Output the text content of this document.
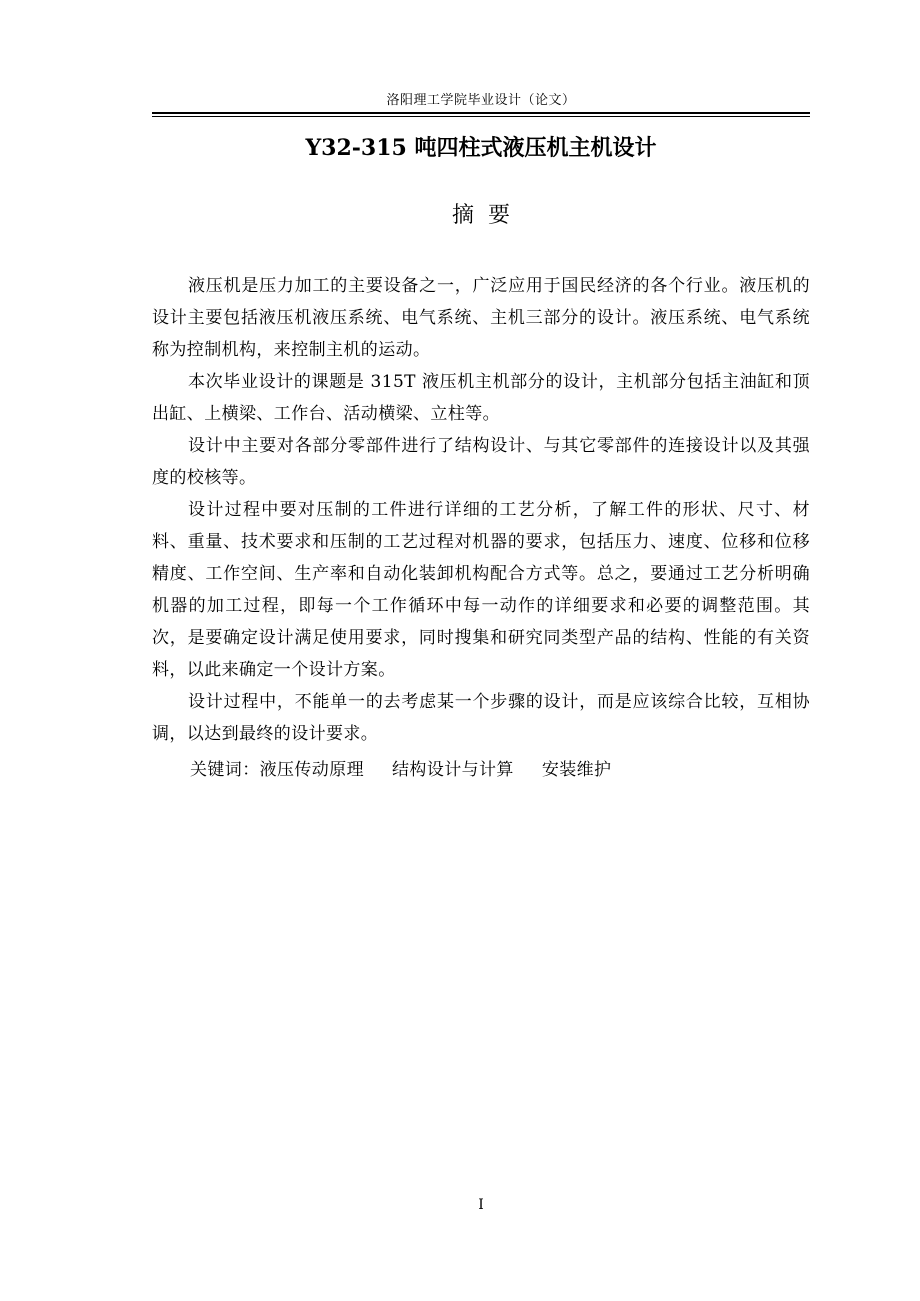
洛阳理工学院毕业设计（论文）
Y32-315 吨四柱式液压机主机设计
摘要

液压机是压力加工的主要设备之一，广泛应用于国民经济的各个行业。液压机的设计主要包括液压机液压系统、电气系统、主机三部分的设计。液压系统、电气系统称为控制机构，来控制主机的运动。

本次毕业设计的课题是 315T 液压机主机部分的设计，主机部分包括主油缸和顶出缸、上横梁、工作台、活动横梁、立柱等。

设计中主要对各部分零部件进行了结构设计、与其它零部件的连接设计以及其强度的校核等。

设计过程中要对压制的工件进行详细的工艺分析，了解工件的形状、尺寸、材料、重量、技术要求和压制的工艺过程对机器的要求，包括压力、速度、位移和位移精度、工作空间、生产率和自动化装卸机构配合方式等。总之，要通过工艺分析明确机器的加工过程，即每一个工作循环中每一动作的详细要求和必要的调整范围。其次，是要确定设计满足使用要求，同时搜集和研究同类型产品的结构、性能的有关资料，以此来确定一个设计方案。

设计过程中，不能单一的去考虑某一个步骤的设计，而是应该综合比较，互相协调，以达到最终的设计要求。

关键词：液压传动原理 结构设计与计算 安装维护
I
